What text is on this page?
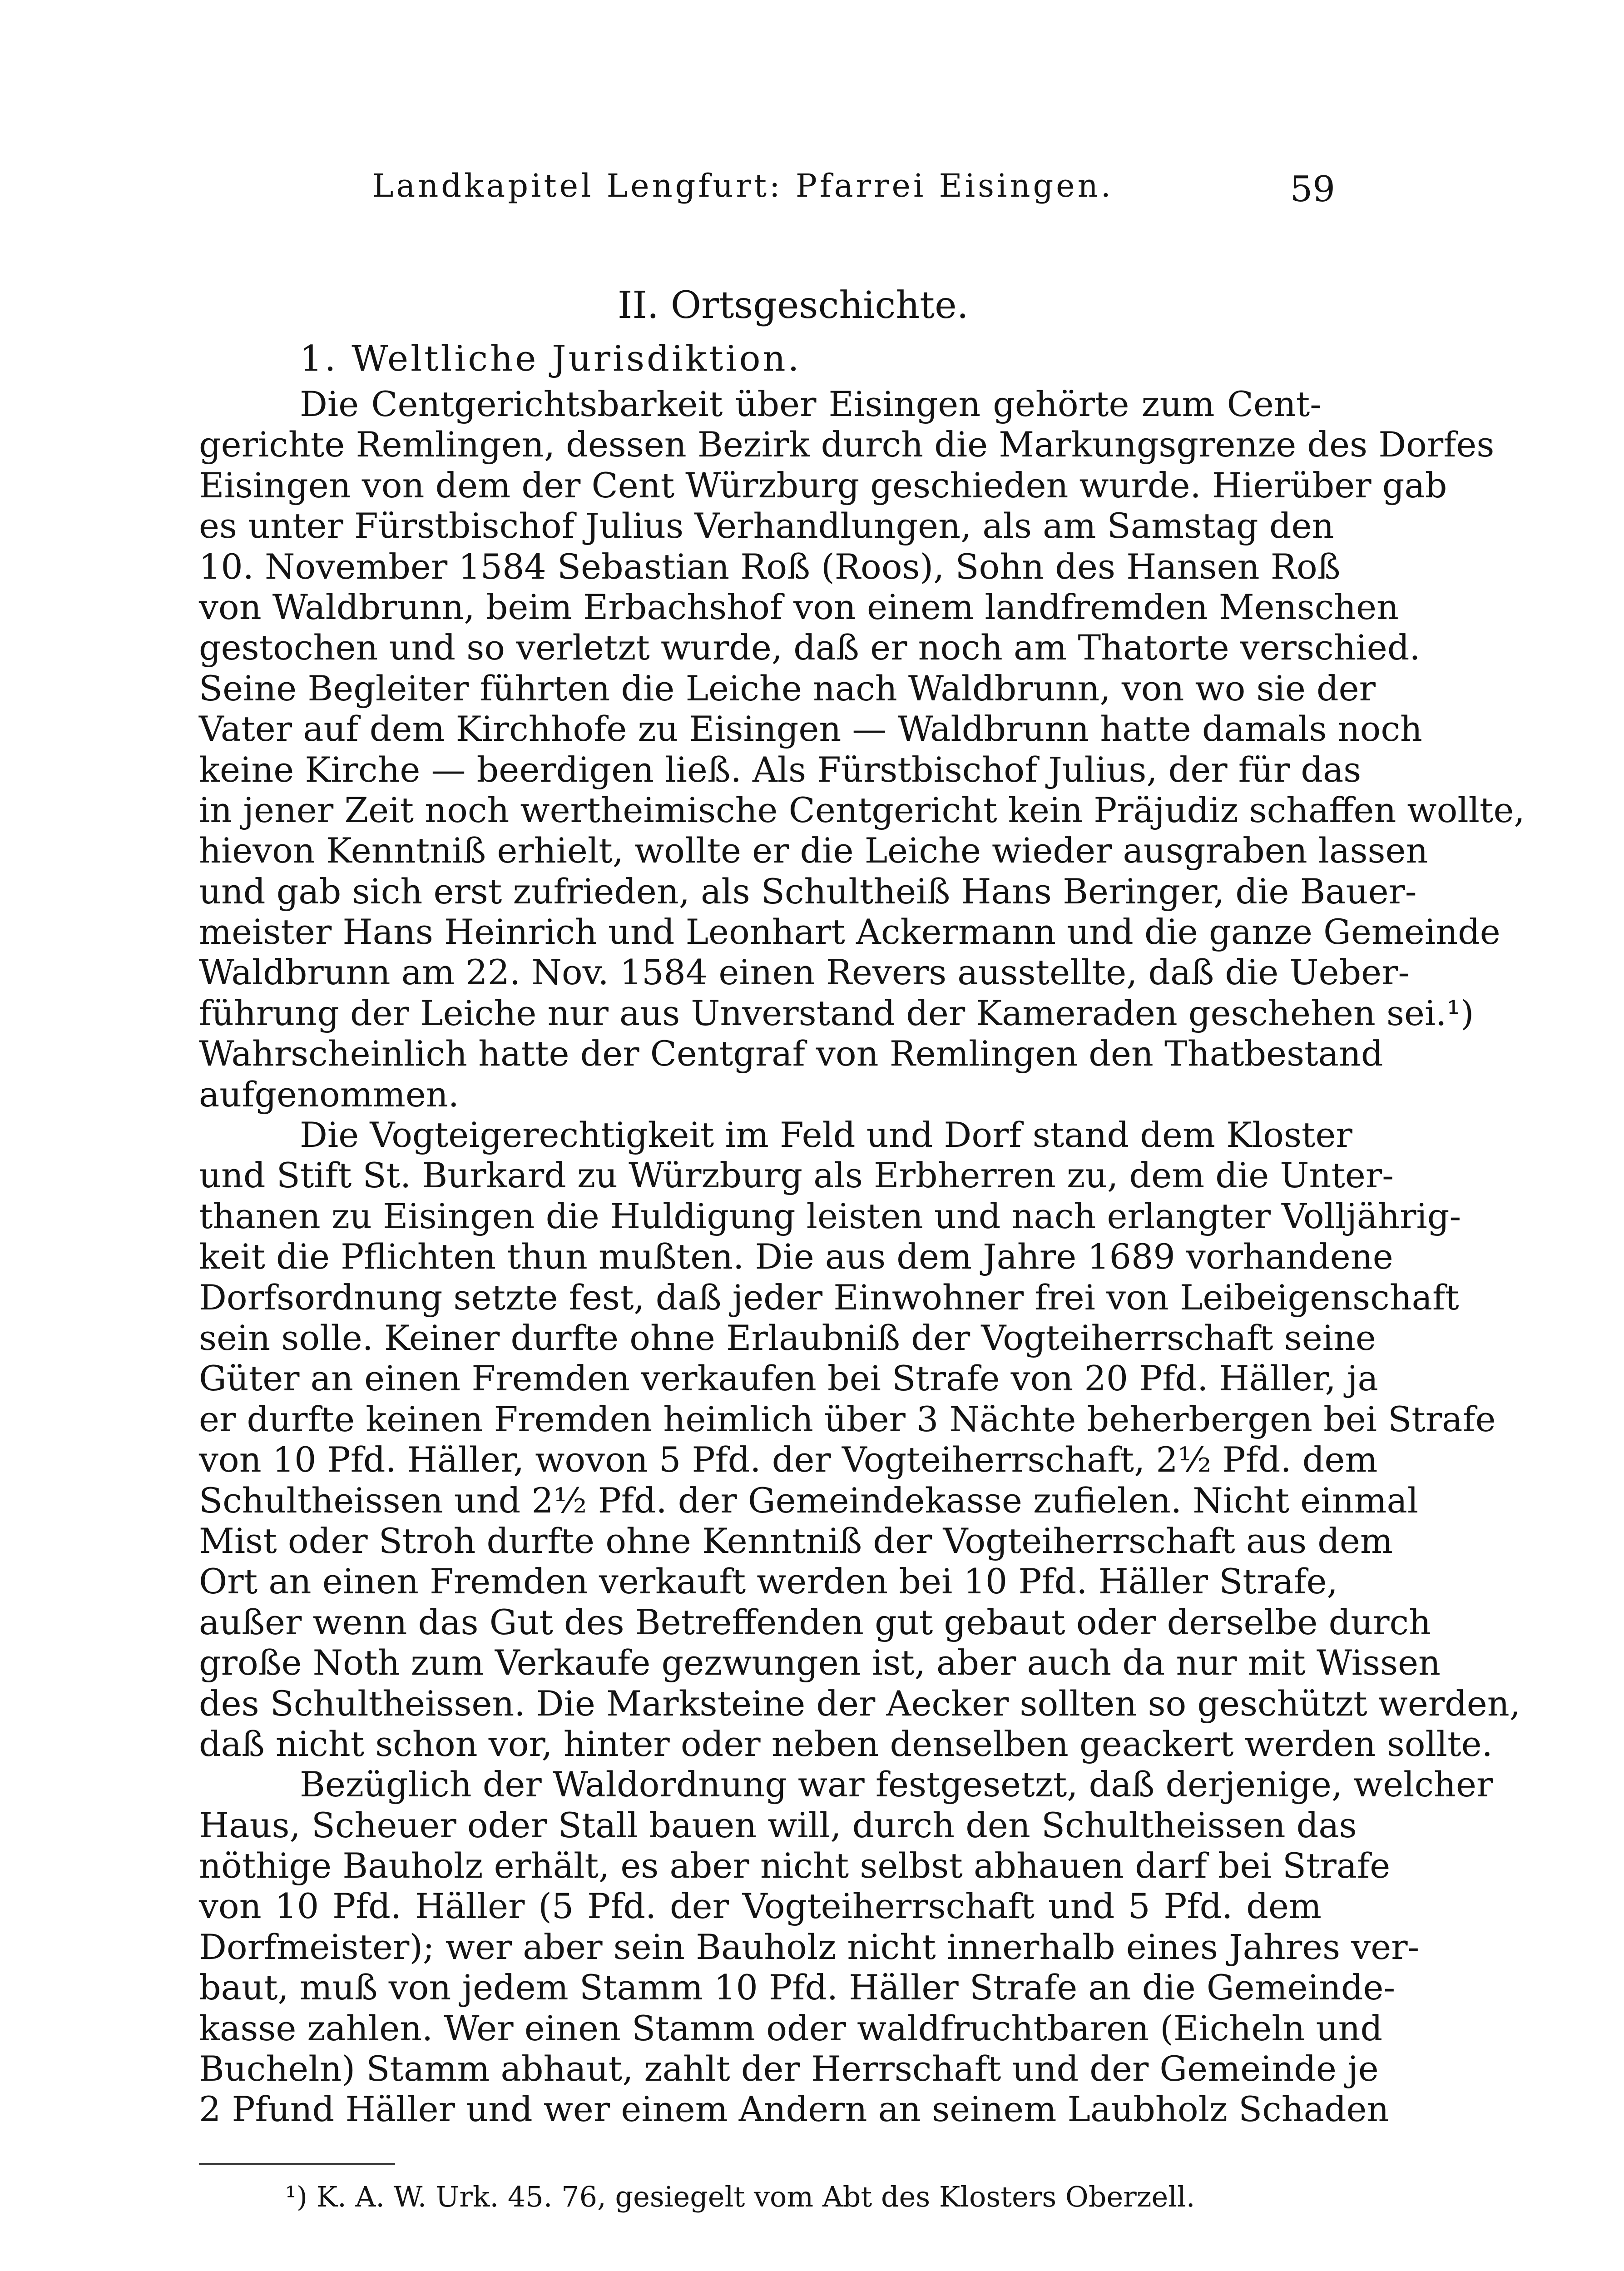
Landkapitel Lengfurt: Pfarrei Eisingen.	59
II. Ortsgeschichte.
1. Weltliche Jurisdiktion.
Die Centgerichtsbarkeit über Eisingen gehörte zum Cent-
gerichte Remlingen, dessen Bezirk durch die Markungsgrenze des Dorfes
Eisingen von dem der Cent Würzburg geschieden wurde. Hierüber gab
es unter Fürstbischof Julius Verhandlungen, als am Samstag den
10. November 1584 Sebastian Roß (Roos), Sohn des Hansen Roß
von Waldbrunn, beim Erbachshof von einem landfremden Menschen
gestochen und so verletzt wurde, daß er noch am Thatorte verschied.
Seine Begleiter führten die Leiche nach Waldbrunn, von wo sie der
Vater auf dem Kirchhofe zu Eisingen — Waldbrunn hatte damals noch
keine Kirche — beerdigen ließ. Als Fürstbischof Julius, der für das
in jener Zeit noch wertheimische Centgericht kein Präjudiz schaffen wollte,
hievon Kenntniß erhielt, wollte er die Leiche wieder ausgraben lassen
und gab sich erst zufrieden, als Schultheiß Hans Beringer, die Bauer-
meister Hans Heinrich und Leonhart Ackermann und die ganze Gemeinde
Waldbrunn am 22. Nov. 1584 einen Revers ausstellte, daß die Ueber-
führung der Leiche nur aus Unverstand der Kameraden geschehen sei.¹)
Wahrscheinlich hatte der Centgraf von Remlingen den Thatbestand
aufgenommen.
Die Vogteigerechtigkeit im Feld und Dorf stand dem Kloster
und Stift St. Burkard zu Würzburg als Erbherren zu, dem die Unter-
thanen zu Eisingen die Huldigung leisten und nach erlangter Volljährig-
keit die Pflichten thun mußten. Die aus dem Jahre 1689 vorhandene
Dorfsordnung setzte fest, daß jeder Einwohner frei von Leibeigenschaft
sein solle. Keiner durfte ohne Erlaubniß der Vogteiherrschaft seine
Güter an einen Fremden verkaufen bei Strafe von 20 Pfd. Häller, ja
er durfte keinen Fremden heimlich über 3 Nächte beherbergen bei Strafe
von 10 Pfd. Häller, wovon 5 Pfd. der Vogteiherrschaft, 2½ Pfd. dem
Schultheissen und 2½ Pfd. der Gemeindekasse zufielen. Nicht einmal
Mist oder Stroh durfte ohne Kenntniß der Vogteiherrschaft aus dem
Ort an einen Fremden verkauft werden bei 10 Pfd. Häller Strafe,
außer wenn das Gut des Betreffenden gut gebaut oder derselbe durch
große Noth zum Verkaufe gezwungen ist, aber auch da nur mit Wissen
des Schultheissen. Die Marksteine der Aecker sollten so geschützt werden,
daß nicht schon vor, hinter oder neben denselben geackert werden sollte.
Bezüglich der Waldordnung war festgesetzt, daß derjenige, welcher
Haus, Scheuer oder Stall bauen will, durch den Schultheissen das
nöthige Bauholz erhält, es aber nicht selbst abhauen darf bei Strafe
von 10 Pfd. Häller (5 Pfd. der Vogteiherrschaft und 5 Pfd. dem
Dorfmeister); wer aber sein Bauholz nicht innerhalb eines Jahres ver-
baut, muß von jedem Stamm 10 Pfd. Häller Strafe an die Gemeinde-
kasse zahlen. Wer einen Stamm oder waldfruchtbaren (Eicheln und
Bucheln) Stamm abhaut, zahlt der Herrschaft und der Gemeinde je
2 Pfund Häller und wer einem Andern an seinem Laubholz Schaden
¹) K. A. W. Urk. 45. 76, gesiegelt vom Abt des Klosters Oberzell.
